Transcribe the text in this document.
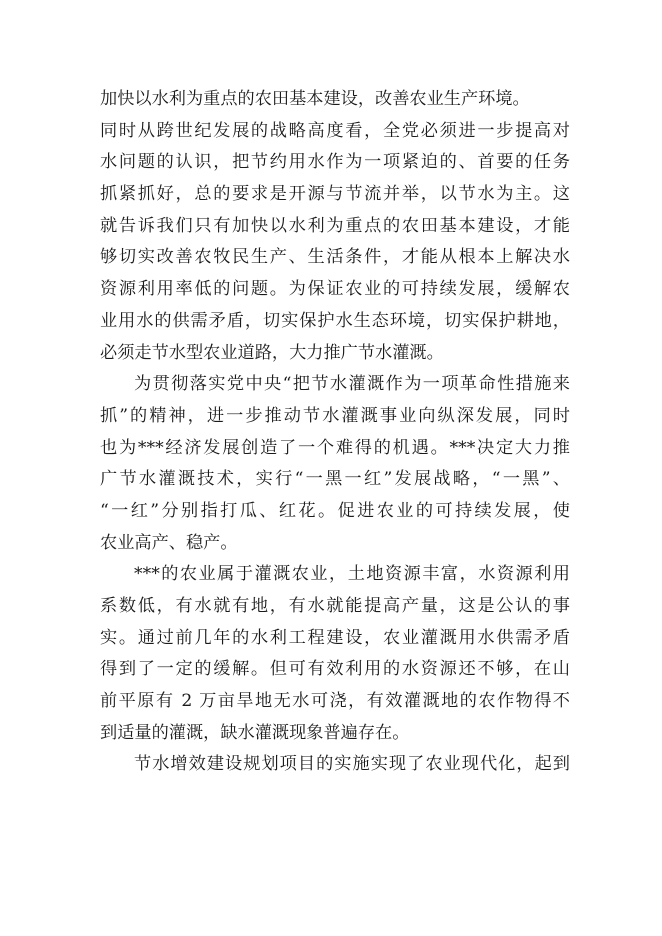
加快以水利为重点的农田基本建设，改善农业生产环境。
同时从跨世纪发展的战略高度看，全党必须进一步提高对
水问题的认识，把节约用水作为一项紧迫的、首要的任务
抓紧抓好，总的要求是开源与节流并举，以节水为主。这
就告诉我们只有加快以水利为重点的农田基本建设，才能
够切实改善农牧民生产、生活条件，才能从根本上解决水
资源利用率低的问题。为保证农业的可持续发展，缓解农
业用水的供需矛盾，切实保护水生态环境，切实保护耕地，
必须走节水型农业道路，大力推广节水灌溉。
为贯彻落实党中央“把节水灌溉作为一项革命性措施来
抓”的精神，进一步推动节水灌溉事业向纵深发展，同时
也为***经济发展创造了一个难得的机遇。***决定大力推
广节水灌溉技术，实行“一黑一红”发展战略，“一黑”、
“一红”分别指打瓜、红花。促进农业的可持续发展，使
农业高产、稳产。
***的农业属于灌溉农业，土地资源丰富，水资源利用
系数低，有水就有地，有水就能提高产量，这是公认的事
实。通过前几年的水利工程建设，农业灌溉用水供需矛盾
得到了一定的缓解。但可有效利用的水资源还不够，在山
前平原有 2 万亩旱地无水可浇，有效灌溉地的农作物得不
到适量的灌溉，缺水灌溉现象普遍存在。
节水增效建设规划项目的实施实现了农业现代化，起到
